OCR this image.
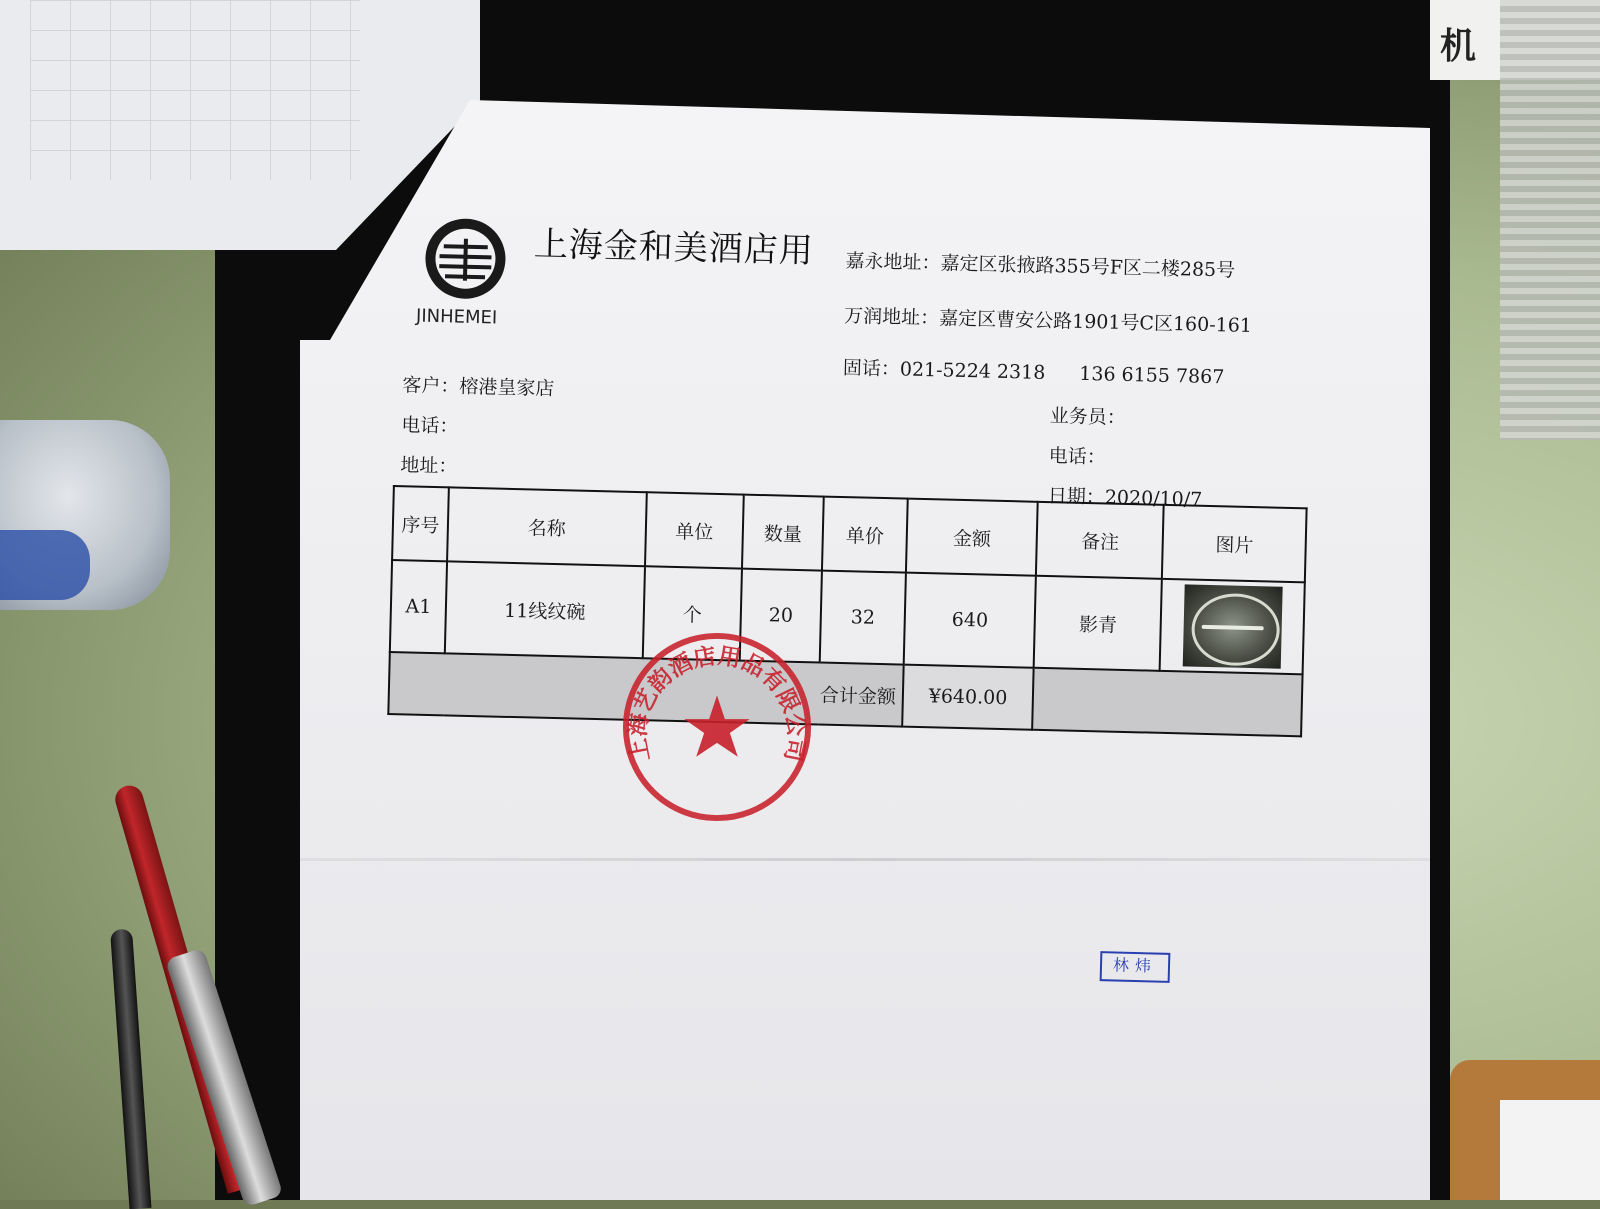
机
JINHEMEI
上海金和美酒店用 嘉永地址：嘉定区张掖路355号F区二楼285号
万润地址：嘉定区曹安公路1901号C区160-161
固话：021-5224 2318 136 6155 7867
客户：榕港皇家店
电话：
地址：
业务员：
电话：
日期：2020/10/7
序号	名称	单位	数量	单价	金额	备注	图片
A1	11线纹碗	个	20	32	640	影青	

合计金额					¥640.00		
上海艺韵酒店用品有限公司
林炜
